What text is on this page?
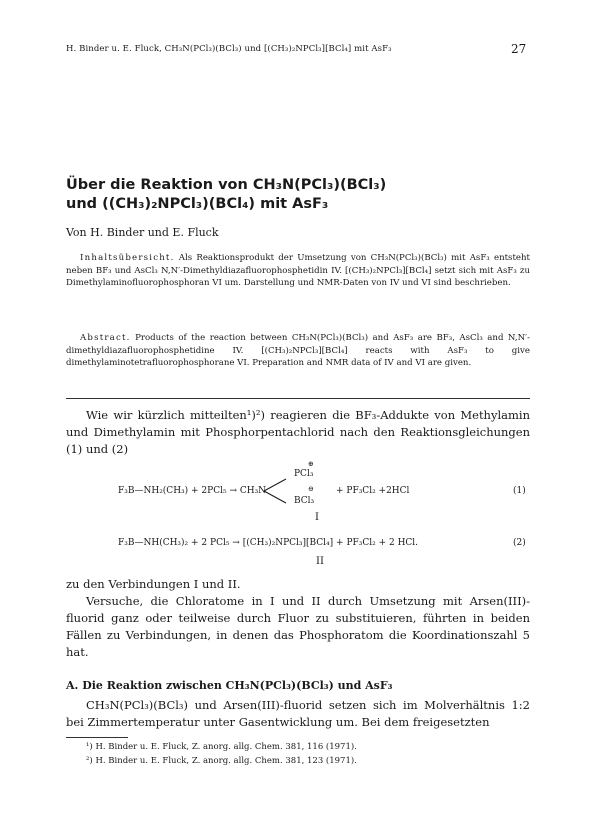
H. Binder u. E. Fluck, CH₃N(PCl₃)(BCl₃) und [(CH₃)₂NPCl₃][BCl₄] mit AsF₃	27
Über die Reaktion von CH₃N(PCl₃)(BCl₃)
und ((CH₃)₂NPCl₃)(BCl₄) mit AsF₃
Von H. Binder und E. Fluck
Inhaltsübersicht. Als Reaktionsprodukt der Umsetzung von CH₃N(PCl₃)(BCl₃) mit AsF₃ entsteht neben BF₃ und AsCl₃ N,N′-Dimethyldiazafluorophosphetidin IV. [(CH₃)₂NPCl₃][BCl₄] setzt sich mit AsF₃ zu Dimethylaminofluorophosphoran VI um. Darstellung und NMR-Daten von IV und VI sind beschrieben.
Abstract. Products of the reaction between CH₃N(PCl₃)(BCl₃) and AsF₃ are BF₃, AsCl₃ and N,N′-dimethyldiazafluorophosphetidine IV. [(CH₃)₂NPCl₃][BCl₄] reacts with AsF₃ to give dimethylaminotetrafluorophosphorane VI. Preparation and NMR data of IV and VI are given.
Wie wir kürzlich mitteilten¹)²) reagieren die BF₃-Addukte von Methylamin und Dimethylamin mit Phosphorpentachlorid nach den Reaktionsgleichungen (1) und (2)
F₃B—NH₂(CH₃) + 2PCl₅ → CH₃N
⊕
PCl₃
⊖
BCl₃
+ PF₃Cl₂ +2HCl	(1)
I
F₃B—NH(CH₃)₂ + 2 PCl₅ → [(CH₃)₂NPCl₃][BCl₄] + PF₃Cl₂ + 2 HCl.	(2)
II
zu den Verbindungen I und II.
Versuche, die Chloratome in I und II durch Umsetzung mit Arsen(III)-fluorid ganz oder teilweise durch Fluor zu substituieren, führten in beiden Fällen zu Verbindungen, in denen das Phosphoratom die Koordinationszahl 5 hat.
A. Die Reaktion zwischen CH₃N(PCl₃)(BCl₃) und AsF₃
CH₃N(PCl₃)(BCl₃) und Arsen(III)-fluorid setzen sich im Molverhältnis 1:2 bei Zimmertemperatur unter Gasentwicklung um. Bei dem freigesetzten
¹) H. Binder u. E. Fluck, Z. anorg. allg. Chem. 381, 116 (1971).
²) H. Binder u. E. Fluck, Z. anorg. allg. Chem. 381, 123 (1971).
